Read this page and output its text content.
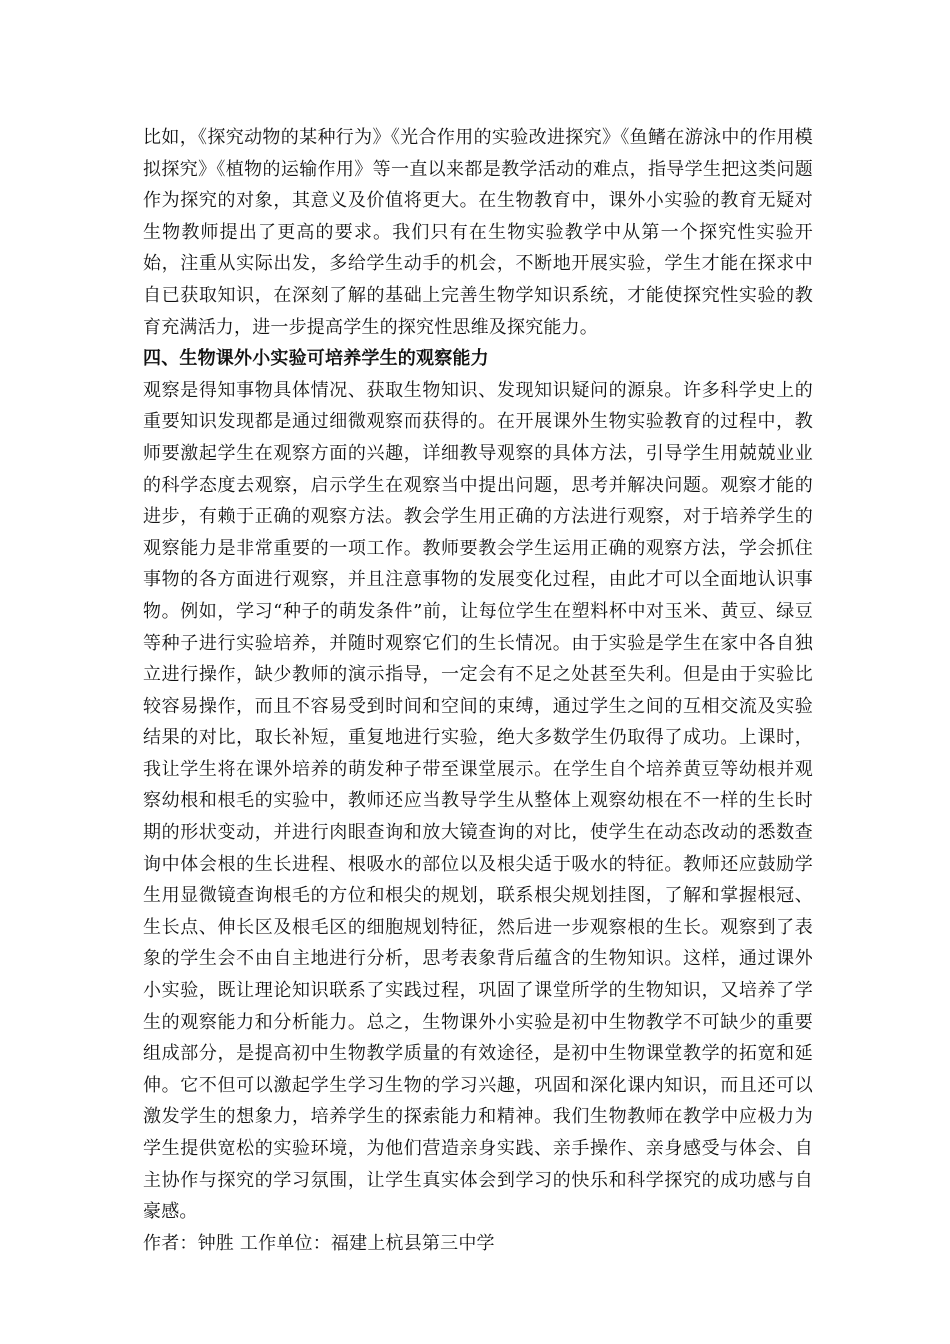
比如，《探究动物的某种行为》《光合作用的实验改进探究》《鱼鳍在游泳中的作用模拟探究》《植物的运输作用》等一直以来都是教学活动的难点，指导学生把这类问题作为探究的对象，其意义及价值将更大。在生物教育中，课外小实验的教育无疑对生物教师提出了更高的要求。我们只有在生物实验教学中从第一个探究性实验开始，注重从实际出发，多给学生动手的机会，不断地开展实验，学生才能在探求中自已获取知识，在深刻了解的基础上完善生物学知识系统，才能使探究性实验的教育充满活力，进一步提高学生的探究性思维及探究能力。

四、生物课外小实验可培养学生的观察能力

观察是得知事物具体情况、获取生物知识、发现知识疑问的源泉。许多科学史上的重要知识发现都是通过细微观察而获得的。在开展课外生物实验教育的过程中，教师要激起学生在观察方面的兴趣，详细教导观察的具体方法，引导学生用兢兢业业的科学态度去观察，启示学生在观察当中提出问题，思考并解决问题。观察才能的进步，有赖于正确的观察方法。教会学生用正确的方法进行观察，对于培养学生的观察能力是非常重要的一项工作。教师要教会学生运用正确的观察方法，学会抓住事物的各方面进行观察，并且注意事物的发展变化过程，由此才可以全面地认识事物。例如，学习“种子的萌发条件”前，让每位学生在塑料杯中对玉米、黄豆、绿豆等种子进行实验培养，并随时观察它们的生长情况。由于实验是学生在家中各自独立进行操作，缺少教师的演示指导，一定会有不足之处甚至失利。但是由于实验比较容易操作，而且不容易受到时间和空间的束缚，通过学生之间的互相交流及实验结果的对比，取长补短，重复地进行实验，绝大多数学生仍取得了成功。上课时，我让学生将在课外培养的萌发种子带至课堂展示。在学生自个培养黄豆等幼根并观察幼根和根毛的实验中，教师还应当教导学生从整体上观察幼根在不一样的生长时期的形状变动，并进行肉眼查询和放大镜查询的对比，使学生在动态改动的悉数查询中体会根的生长进程、根吸水的部位以及根尖适于吸水的特征。教师还应鼓励学生用显微镜查询根毛的方位和根尖的规划，联系根尖规划挂图，了解和掌握根冠、生长点、伸长区及根毛区的细胞规划特征，然后进一步观察根的生长。观察到了表象的学生会不由自主地进行分析，思考表象背后蕴含的生物知识。这样，通过课外小实验，既让理论知识联系了实践过程，巩固了课堂所学的生物知识，又培养了学生的观察能力和分析能力。总之，生物课外小实验是初中生物教学不可缺少的重要组成部分，是提高初中生物教学质量的有效途径，是初中生物课堂教学的拓宽和延伸。它不但可以激起学生学习生物的学习兴趣，巩固和深化课内知识，而且还可以激发学生的想象力，培养学生的探索能力和精神。我们生物教师在教学中应极力为学生提供宽松的实验环境，为他们营造亲身实践、亲手操作、亲身感受与体会、自主协作与探究的学习氛围，让学生真实体会到学习的快乐和科学探究的成功感与自豪感。

作者：钟胜 工作单位：福建上杭县第三中学
